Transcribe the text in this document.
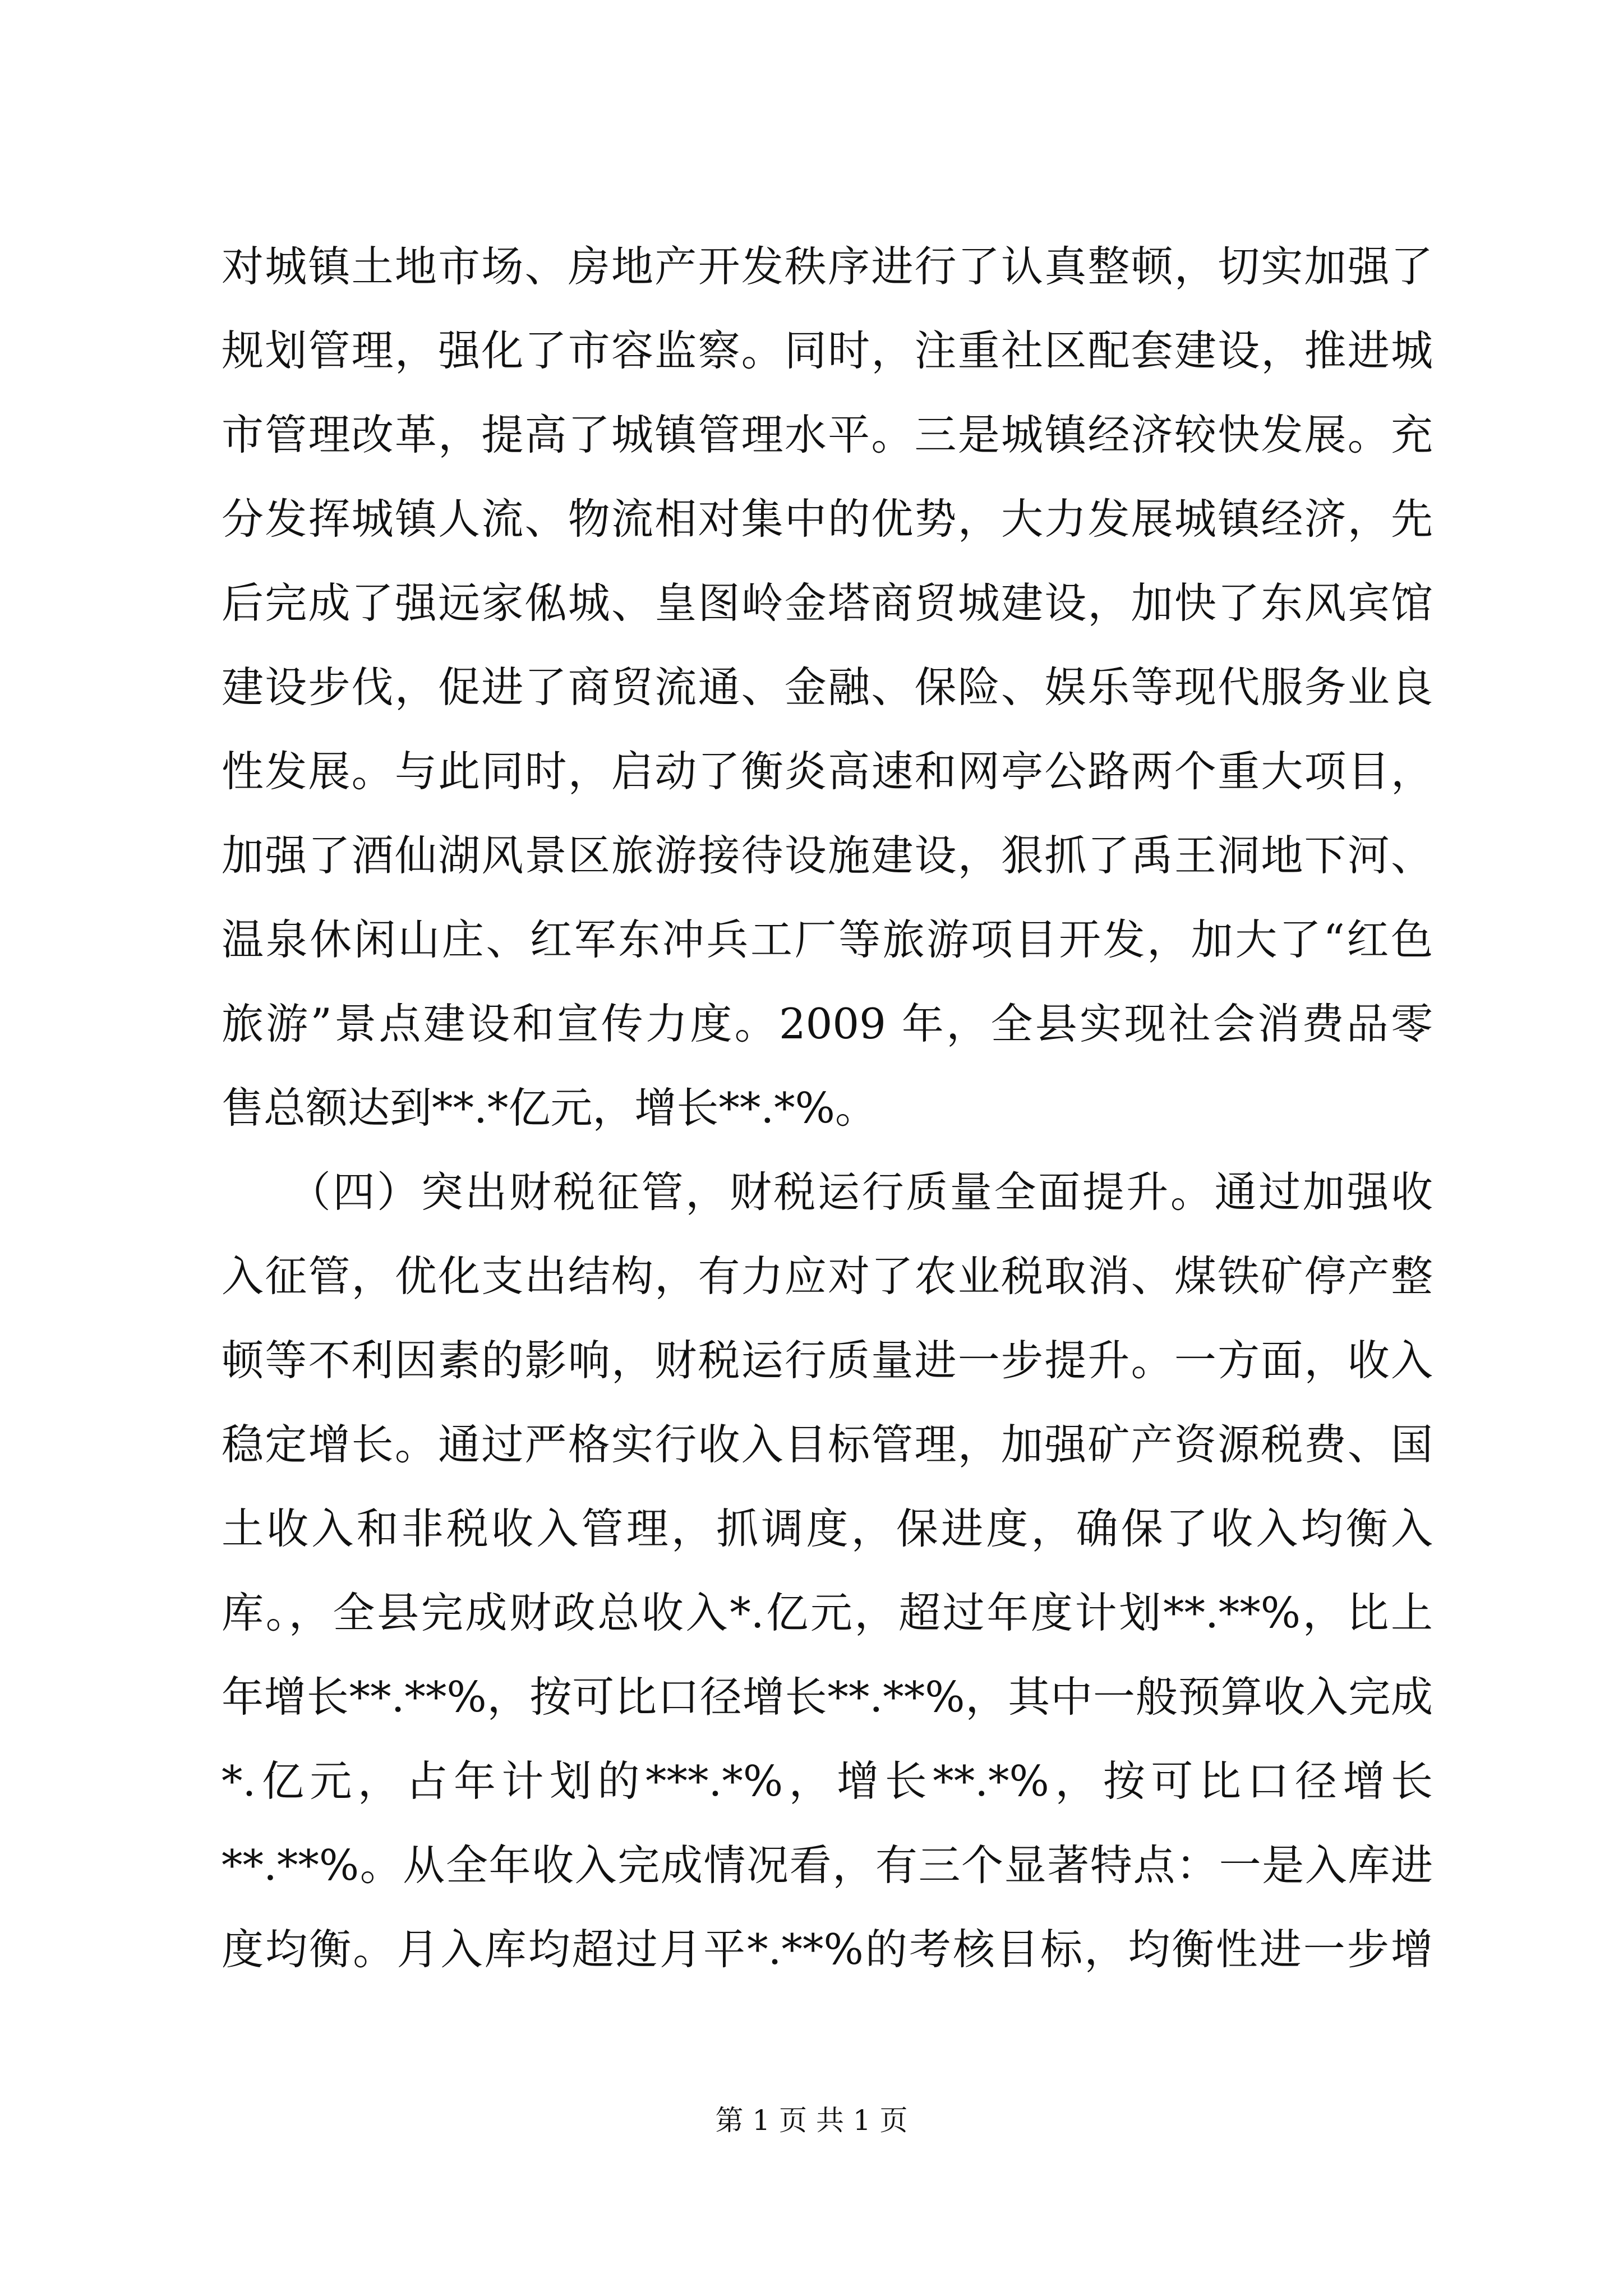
对城镇土地市场、房地产开发秩序进行了认真整顿，切实加强了
规划管理，强化了市容监察。同时，注重社区配套建设，推进城
市管理改革，提高了城镇管理水平。三是城镇经济较快发展。充
分发挥城镇人流、物流相对集中的优势，大力发展城镇经济，先
后完成了强远家俬城、皇图岭金塔商贸城建设，加快了东风宾馆
建设步伐，促进了商贸流通、金融、保险、娱乐等现代服务业良
性发展。与此同时，启动了衡炎高速和网亭公路两个重大项目，
加强了酒仙湖风景区旅游接待设施建设，狠抓了禹王洞地下河、
温泉休闲山庄、红军东冲兵工厂等旅游项目开发，加大了“红色
旅游”景点建设和宣传力度。2009 年，全县实现社会消费品零
售总额达到**.*亿元，增长**.*%。
　　（四）突出财税征管，财税运行质量全面提升。通过加强收
入征管，优化支出结构，有力应对了农业税取消、煤铁矿停产整
顿等不利因素的影响，财税运行质量进一步提升。一方面，收入
稳定增长。通过严格实行收入目标管理，加强矿产资源税费、国
土收入和非税收入管理，抓调度，保进度，确保了收入均衡入
库。，全县完成财政总收入*.亿元，超过年度计划**.**%，比上
年增长**.**%，按可比口径增长**.**%，其中一般预算收入完成
*.亿元，占年计划的***.*%，增长**.*%，按可比口径增长
**.**%。从全年收入完成情况看，有三个显著特点：一是入库进
度均衡。月入库均超过月平*.**%的考核目标，均衡性进一步增
第 1 页 共 1 页
